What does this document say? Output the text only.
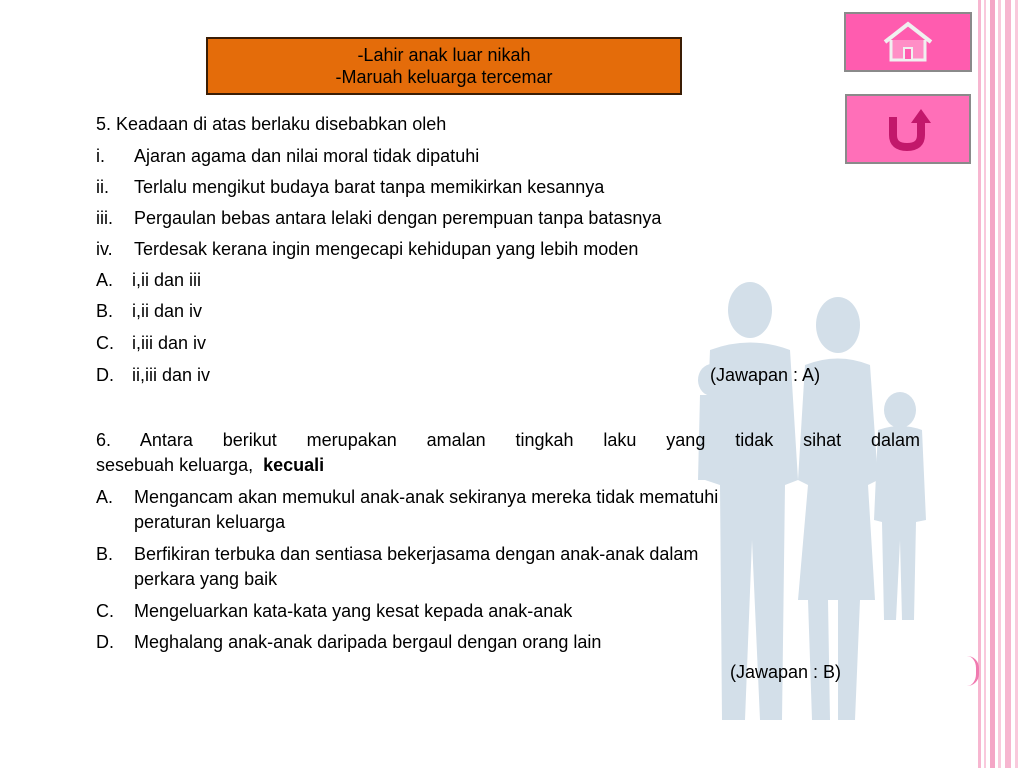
-Lahir anak luar nikah
-Maruah keluarga tercemar
5. Keadaan di atas berlaku disebabkan oleh
i. Ajaran agama dan nilai moral tidak dipatuhi
ii. Terlalu mengikut budaya barat tanpa memikirkan kesannya
iii. Pergaulan bebas antara lelaki dengan perempuan tanpa batasnya
iv. Terdesak kerana ingin mengecapi kehidupan yang lebih moden
A. i,ii dan iii
B. i,ii dan iv
C. i,iii dan iv
D. ii,iii dan iv	(Jawapan : A)
6. Antara berikut merupakan amalan tingkah laku yang tidak sihat dalam
sesebuah keluarga, kecuali
A. Mengancam akan memukul anak-anak sekiranya mereka tidak mematuhi
peraturan keluarga
B. Berfikiran terbuka dan sentiasa bekerjasama dengan anak-anak dalam
perkara yang baik
C. Mengeluarkan kata-kata yang kesat kepada anak-anak
D. Meghalang anak-anak daripada bergaul dengan orang lain
(Jawapan : B)
